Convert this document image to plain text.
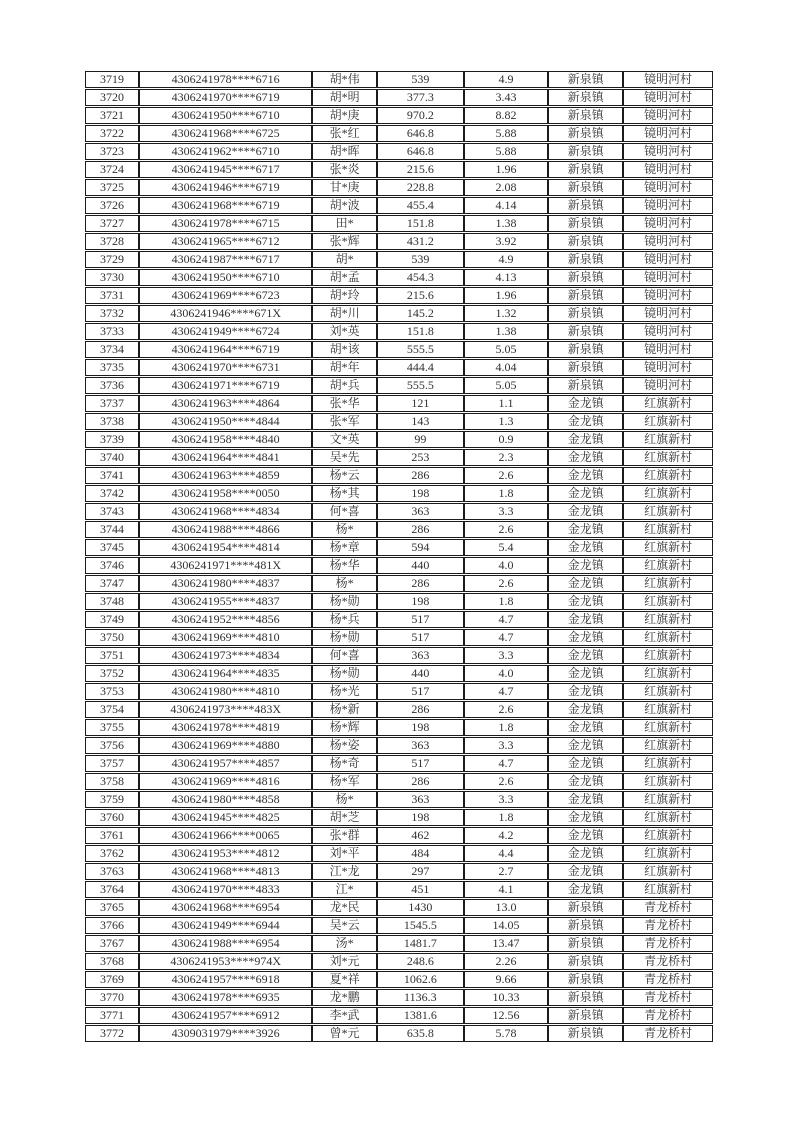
3719	4306241978****6716	胡*伟	539	4.9	新泉镇	镜明河村
3720	4306241970****6719	胡*明	377.3	3.43	新泉镇	镜明河村
3721	4306241950****6710	胡*庚	970.2	8.82	新泉镇	镜明河村
3722	4306241968****6725	张*红	646.8	5.88	新泉镇	镜明河村
3723	4306241962****6710	胡*晖	646.8	5.88	新泉镇	镜明河村
3724	4306241945****6717	张*炎	215.6	1.96	新泉镇	镜明河村
3725	4306241946****6719	甘*庚	228.8	2.08	新泉镇	镜明河村
3726	4306241968****6719	胡*波	455.4	4.14	新泉镇	镜明河村
3727	4306241978****6715	田*	151.8	1.38	新泉镇	镜明河村
3728	4306241965****6712	张*辉	431.2	3.92	新泉镇	镜明河村
3729	4306241987****6717	胡*	539	4.9	新泉镇	镜明河村
3730	4306241950****6710	胡*孟	454.3	4.13	新泉镇	镜明河村
3731	4306241969****6723	胡*玲	215.6	1.96	新泉镇	镜明河村
3732	4306241946****671X	胡*川	145.2	1.32	新泉镇	镜明河村
3733	4306241949****6724	刘*英	151.8	1.38	新泉镇	镜明河村
3734	4306241964****6719	胡*该	555.5	5.05	新泉镇	镜明河村
3735	4306241970****6731	胡*年	444.4	4.04	新泉镇	镜明河村
3736	4306241971****6719	胡*兵	555.5	5.05	新泉镇	镜明河村
3737	4306241963****4864	张*华	121	1.1	金龙镇	红旗新村
3738	4306241950****4844	张*军	143	1.3	金龙镇	红旗新村
3739	4306241958****4840	文*英	99	0.9	金龙镇	红旗新村
3740	4306241964****4841	吴*先	253	2.3	金龙镇	红旗新村
3741	4306241963****4859	杨*云	286	2.6	金龙镇	红旗新村
3742	4306241958****0050	杨*其	198	1.8	金龙镇	红旗新村
3743	4306241968****4834	何*喜	363	3.3	金龙镇	红旗新村
3744	4306241988****4866	杨*	286	2.6	金龙镇	红旗新村
3745	4306241954****4814	杨*章	594	5.4	金龙镇	红旗新村
3746	4306241971****481X	杨*华	440	4.0	金龙镇	红旗新村
3747	4306241980****4837	杨*	286	2.6	金龙镇	红旗新村
3748	4306241955****4837	杨*勋	198	1.8	金龙镇	红旗新村
3749	4306241952****4856	杨*兵	517	4.7	金龙镇	红旗新村
3750	4306241969****4810	杨*勋	517	4.7	金龙镇	红旗新村
3751	4306241973****4834	何*喜	363	3.3	金龙镇	红旗新村
3752	4306241964****4835	杨*勋	440	4.0	金龙镇	红旗新村
3753	4306241980****4810	杨*光	517	4.7	金龙镇	红旗新村
3754	4306241973****483X	杨*新	286	2.6	金龙镇	红旗新村
3755	4306241978****4819	杨*辉	198	1.8	金龙镇	红旗新村
3756	4306241969****4880	杨*姿	363	3.3	金龙镇	红旗新村
3757	4306241957****4857	杨*奇	517	4.7	金龙镇	红旗新村
3758	4306241969****4816	杨*军	286	2.6	金龙镇	红旗新村
3759	4306241980****4858	杨*	363	3.3	金龙镇	红旗新村
3760	4306241945****4825	胡*芝	198	1.8	金龙镇	红旗新村
3761	4306241966****0065	张*群	462	4.2	金龙镇	红旗新村
3762	4306241953****4812	刘*平	484	4.4	金龙镇	红旗新村
3763	4306241968****4813	江*龙	297	2.7	金龙镇	红旗新村
3764	4306241970****4833	江*	451	4.1	金龙镇	红旗新村
3765	4306241968****6954	龙*民	1430	13.0	新泉镇	青龙桥村
3766	4306241949****6944	吴*云	1545.5	14.05	新泉镇	青龙桥村
3767	4306241988****6954	汤*	1481.7	13.47	新泉镇	青龙桥村
3768	4306241953****974X	刘*元	248.6	2.26	新泉镇	青龙桥村
3769	4306241957****6918	夏*祥	1062.6	9.66	新泉镇	青龙桥村
3770	4306241978****6935	龙*鹏	1136.3	10.33	新泉镇	青龙桥村
3771	4306241957****6912	李*武	1381.6	12.56	新泉镇	青龙桥村
3772	4309031979****3926	曾*元	635.8	5.78	新泉镇	青龙桥村
